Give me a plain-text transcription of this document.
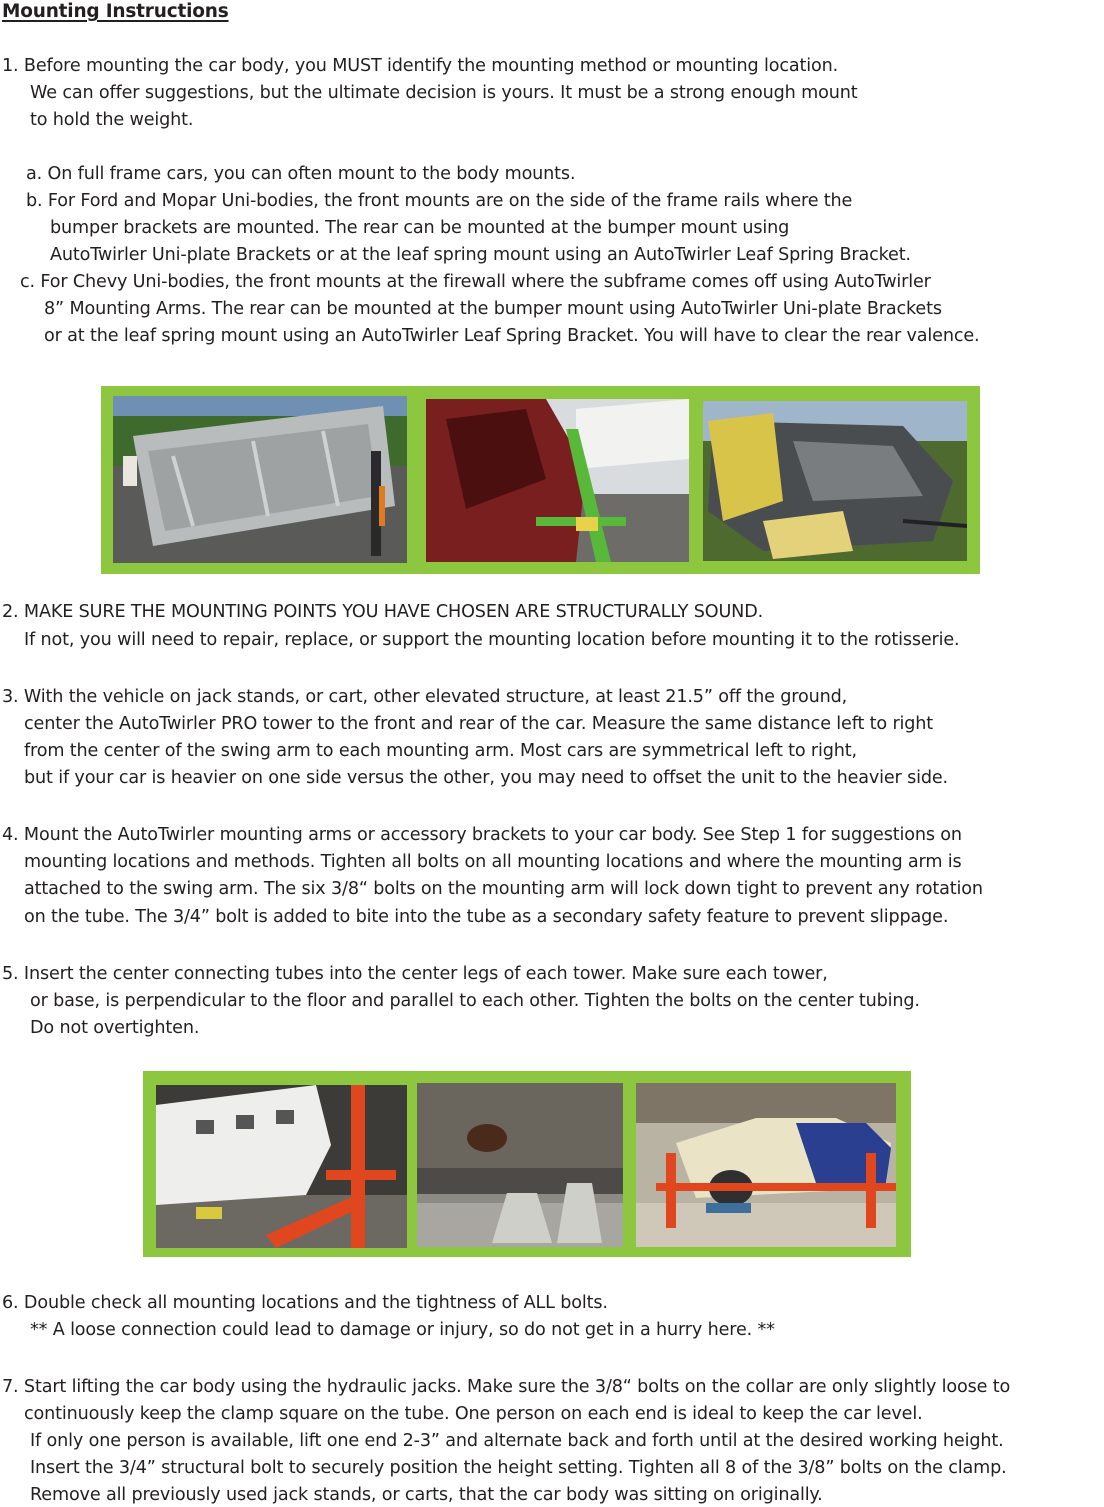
Mounting Instructions
1. Before mounting the car body, you MUST identify the mounting method or mounting location.
We can offer suggestions, but the ultimate decision is yours. It must be a strong enough mount
to hold the weight.
a. On full frame cars, you can often mount to the body mounts.
b. For Ford and Mopar Uni-bodies, the front mounts are on the side of the frame rails where the
bumper brackets are mounted. The rear can be mounted at the bumper mount using
AutoTwirler Uni-plate Brackets or at the leaf spring mount using an AutoTwirler Leaf Spring Bracket.
c. For Chevy Uni-bodies, the front mounts at the firewall where the subframe comes off using AutoTwirler
8” Mounting Arms. The rear can be mounted at the bumper mount using AutoTwirler Uni-plate Brackets
or at the leaf spring mount using an AutoTwirler Leaf Spring Bracket. You will have to clear the rear valence.
2. MAKE SURE THE MOUNTING POINTS YOU HAVE CHOSEN ARE STRUCTURALLY SOUND.
If not, you will need to repair, replace, or support the mounting location before mounting it to the rotisserie.
3. With the vehicle on jack stands, or cart, other elevated structure, at least 21.5” off the ground,
center the AutoTwirler PRO tower to the front and rear of the car. Measure the same distance left to right
from the center of the swing arm to each mounting arm. Most cars are symmetrical left to right,
but if your car is heavier on one side versus the other, you may need to offset the unit to the heavier side.
4. Mount the AutoTwirler mounting arms or accessory brackets to your car body. See Step 1 for suggestions on
mounting locations and methods. Tighten all bolts on all mounting locations and where the mounting arm is
attached to the swing arm. The six 3/8“ bolts on the mounting arm will lock down tight to prevent any rotation
on the tube. The 3/4” bolt is added to bite into the tube as a secondary safety feature to prevent slippage.
5. Insert the center connecting tubes into the center legs of each tower. Make sure each tower,
or base, is perpendicular to the floor and parallel to each other. Tighten the bolts on the center tubing.
Do not overtighten.
6. Double check all mounting locations and the tightness of ALL bolts.
** A loose connection could lead to damage or injury, so do not get in a hurry here. **
7. Start lifting the car body using the hydraulic jacks. Make sure the 3/8“ bolts on the collar are only slightly loose to
continuously keep the clamp square on the tube. One person on each end is ideal to keep the car level.
If only one person is available, lift one end 2-3” and alternate back and forth until at the desired working height.
Insert the 3/4” structural bolt to securely position the height setting. Tighten all 8 of the 3/8” bolts on the clamp.
Remove all previously used jack stands, or carts, that the car body was sitting on originally.
